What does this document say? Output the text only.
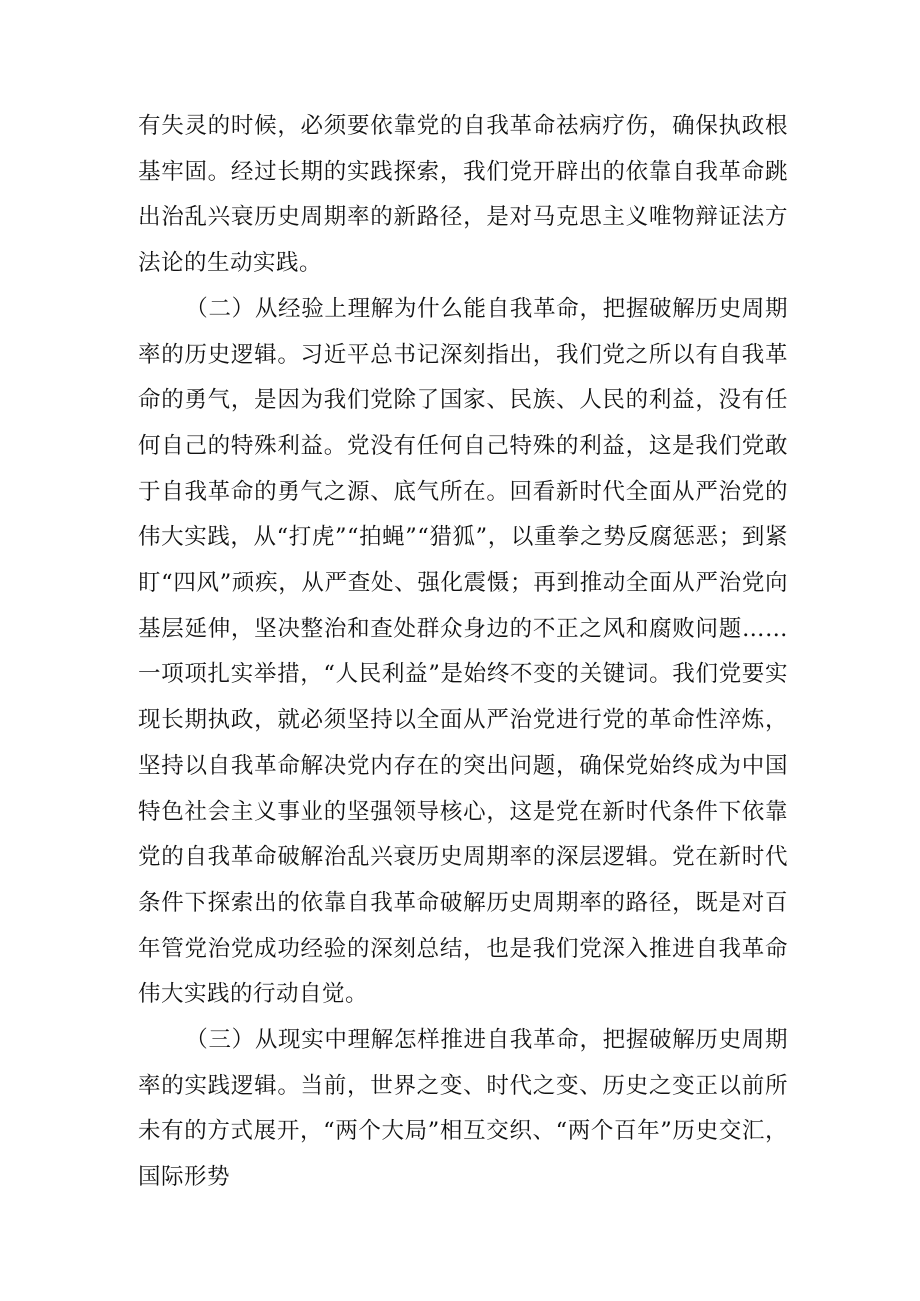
有失灵的时候，必须要依靠党的自我革命祛病疗伤，确保执政根基牢固。经过长期的实践探索，我们党开辟出的依靠自我革命跳出治乱兴衰历史周期率的新路径，是对马克思主义唯物辩证法方法论的生动实践。

（二）从经验上理解为什么能自我革命，把握破解历史周期率的历史逻辑。习近平总书记深刻指出，我们党之所以有自我革命的勇气，是因为我们党除了国家、民族、人民的利益，没有任何自己的特殊利益。党没有任何自己特殊的利益，这是我们党敢于自我革命的勇气之源、底气所在。回看新时代全面从严治党的伟大实践，从“打虎”“拍蝇”“猎狐”，以重拳之势反腐惩恶；到紧盯“四风”顽疾，从严查处、强化震慑；再到推动全面从严治党向基层延伸，坚决整治和查处群众身边的不正之风和腐败问题……一项项扎实举措，“人民利益”是始终不变的关键词。我们党要实现长期执政，就必须坚持以全面从严治党进行党的革命性淬炼，坚持以自我革命解决党内存在的突出问题，确保党始终成为中国特色社会主义事业的坚强领导核心，这是党在新时代条件下依靠党的自我革命破解治乱兴衰历史周期率的深层逻辑。党在新时代条件下探索出的依靠自我革命破解历史周期率的路径，既是对百年管党治党成功经验的深刻总结，也是我们党深入推进自我革命伟大实践的行动自觉。

（三）从现实中理解怎样推进自我革命，把握破解历史周期率的实践逻辑。当前，世界之变、时代之变、历史之变正以前所未有的方式展开，“两个大局”相互交织、“两个百年”历史交汇，国际形势
